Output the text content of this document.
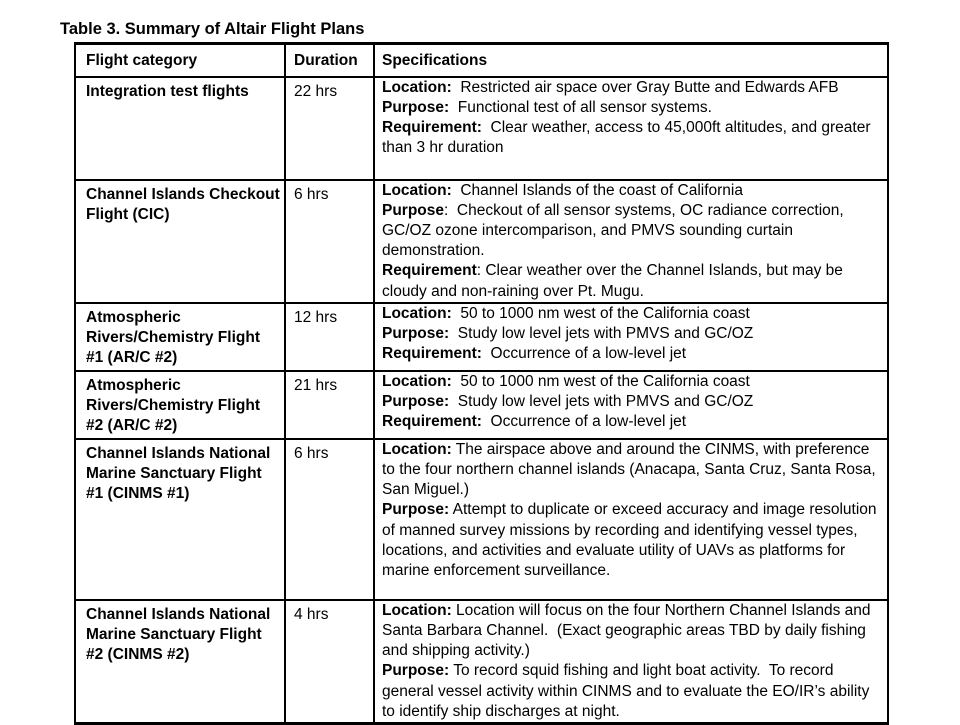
Table 3. Summary of Altair Flight Plans
Flight category	Duration	Specifications
Integration test flights	22 hrs	Location:  Restricted air space over Gray Butte and Edwards AFB
Purpose:  Functional test of all sensor systems.
Requirement:  Clear weather, access to 45,000ft altitudes, and greater than 3 hr duration

Channel Islands Checkout Flight (CIC)	6 hrs	Location:  Channel Islands of the coast of California
Purpose:  Checkout of all sensor systems, OC radiance correction, GC/OZ ozone intercomparison, and PMVS sounding curtain demonstration.
Requirement: Clear weather over the Channel Islands, but may be cloudy and non-raining over Pt. Mugu.

Atmospheric Rivers/Chemistry Flight #1 (AR/C #2)	12 hrs	Location:  50 to 1000 nm west of the California coast
Purpose:  Study low level jets with PMVS and GC/OZ
Requirement:  Occurrence of a low-level jet

Atmospheric Rivers/Chemistry Flight #2 (AR/C #2)	21 hrs	Location:  50 to 1000 nm west of the California coast
Purpose:  Study low level jets with PMVS and GC/OZ
Requirement:  Occurrence of a low-level jet

Channel Islands National Marine Sanctuary Flight #1 (CINMS #1)	6 hrs	Location: The airspace above and around the CINMS, with preference to the four northern channel islands (Anacapa, Santa Cruz, Santa Rosa, San Miguel.)
Purpose: Attempt to duplicate or exceed accuracy and image resolution of manned survey missions by recording and identifying vessel types, locations, and activities and evaluate utility of UAVs as platforms for marine enforcement surveillance.

Channel Islands National Marine Sanctuary Flight #2 (CINMS #2)	4 hrs	Location: Location will focus on the four Northern Channel Islands and Santa Barbara Channel.  (Exact geographic areas TBD by daily fishing and shipping activity.)
Purpose: To record squid fishing and light boat activity.  To record general vessel activity within CINMS and to evaluate the EO/IR’s ability to identify ship discharges at night.
